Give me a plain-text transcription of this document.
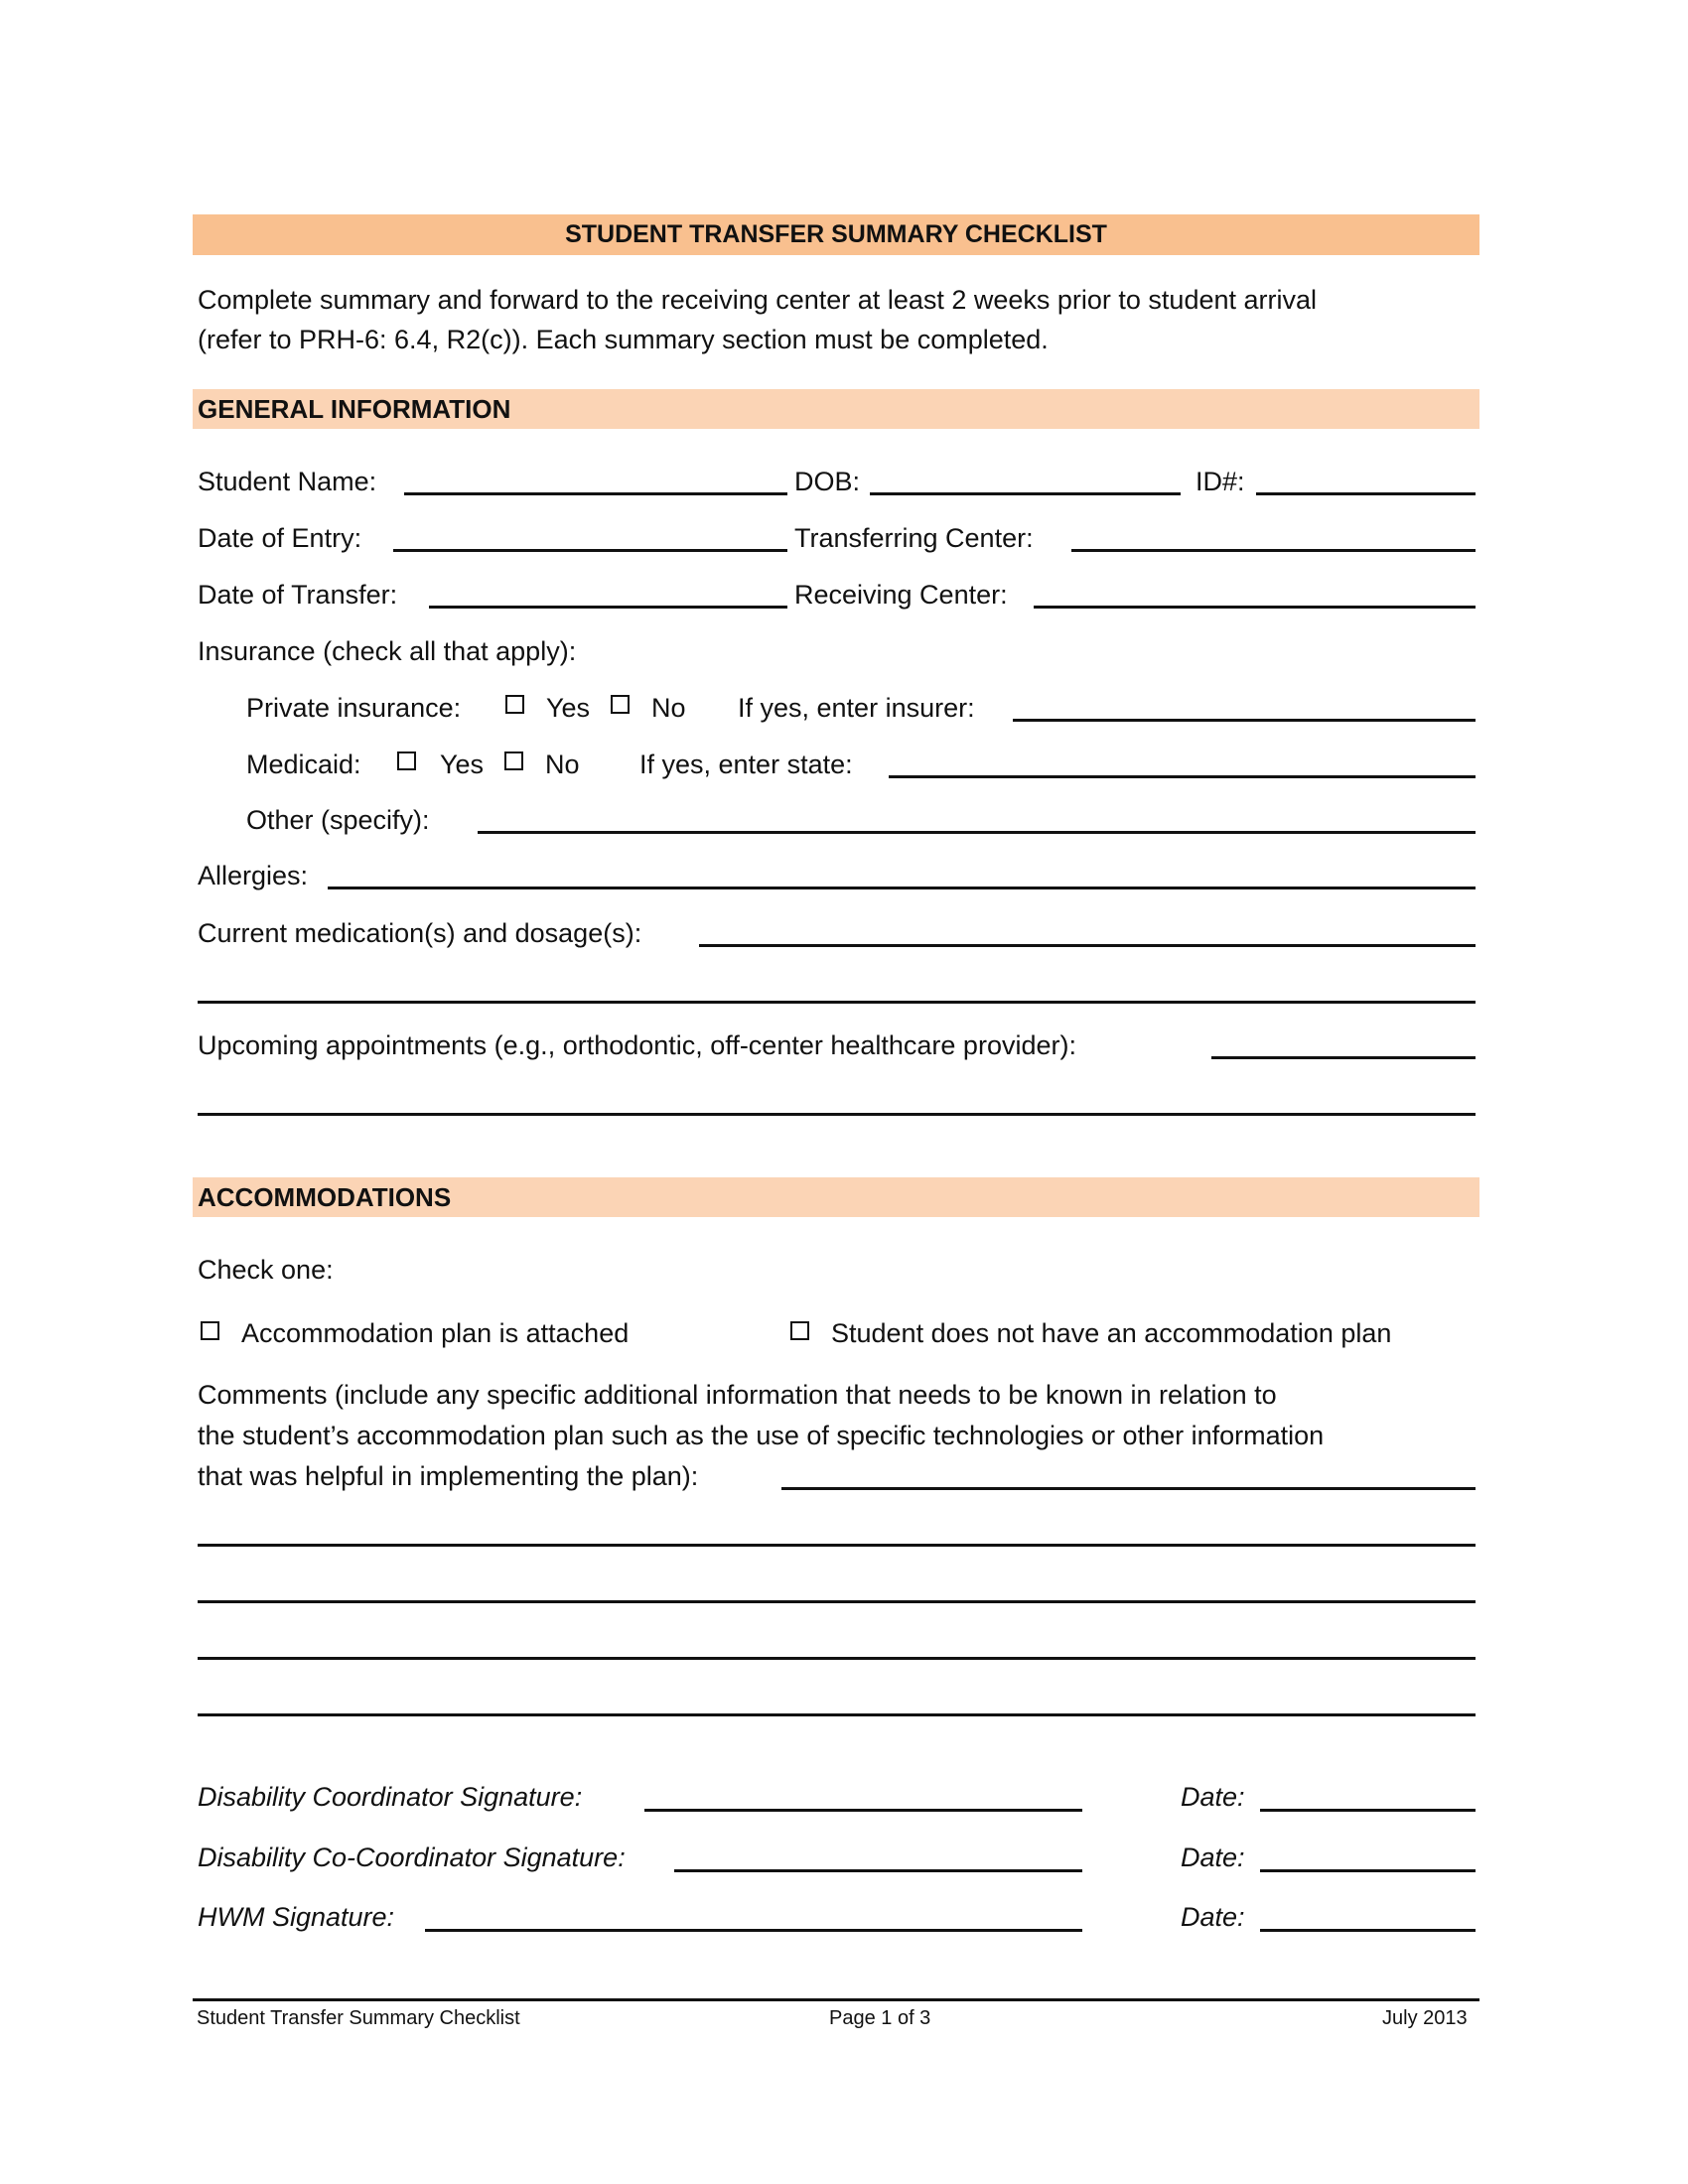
STUDENT TRANSFER SUMMARY CHECKLIST
Complete summary and forward to the receiving center at least 2 weeks prior to student arrival
(refer to PRH-6: 6.4, R2(c)). Each summary section must be completed.
GENERAL INFORMATION
Student Name:	DOB:	ID#:
Date of Entry:	Transferring Center:
Date of Transfer:	Receiving Center:
Insurance (check all that apply):
Private insurance:	Yes No If yes, enter insurer:
Medicaid:	Yes No If yes, enter state:
Other (specify):
Allergies:
Current medication(s) and dosage(s):
Upcoming appointments (e.g., orthodontic, off-center healthcare provider):
ACCOMMODATIONS
Check one:
Accommodation plan is attached	Student does not have an accommodation plan
Comments (include any specific additional information that needs to be known in relation to
the student’s accommodation plan such as the use of specific technologies or other information
that was helpful in implementing the plan):
Disability Coordinator Signature:	Date:
Disability Co-Coordinator Signature:	Date:
HWM Signature:	Date:
Student Transfer Summary Checklist	Page 1 of 3	July 2013
